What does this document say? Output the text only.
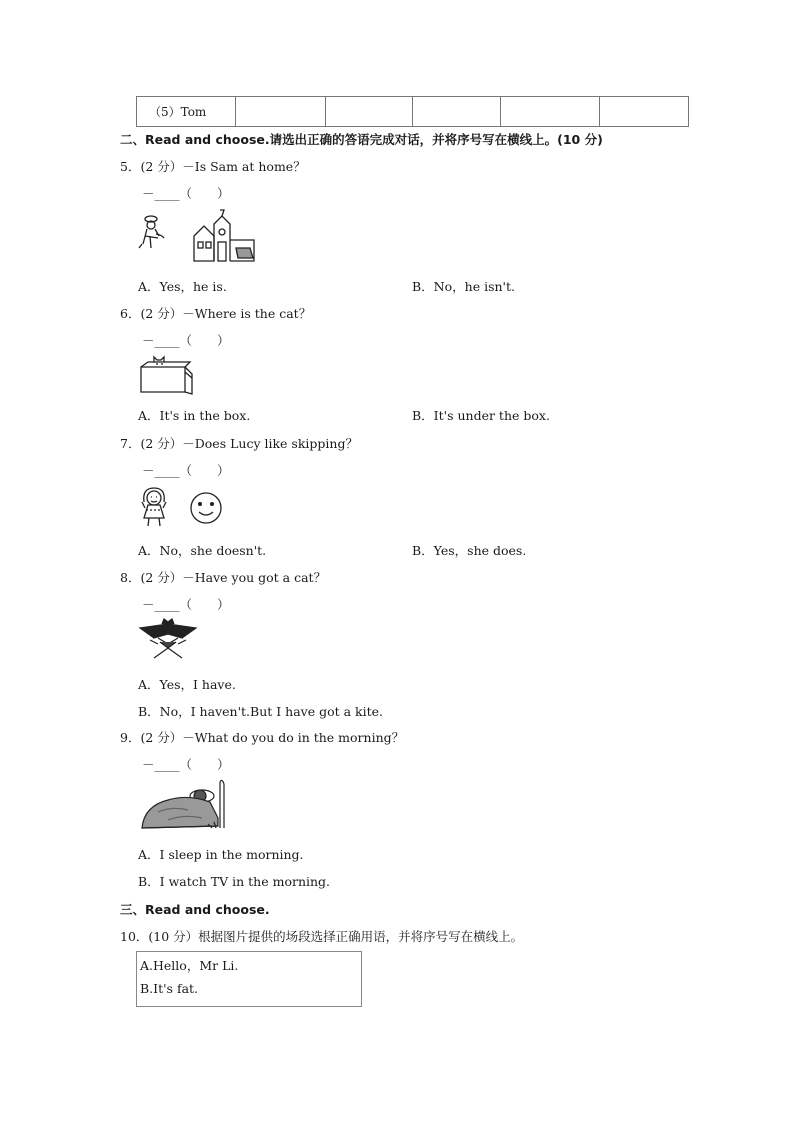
（5）Tom					
二、Read and choose.请选出正确的答语完成对话，并将序号写在横线上。(10 分)
5．(2 分）－Is Sam at home？
－____（　　）
A．Yes，he is.	B．No，he isn't.
6．(2 分）－Where is the cat？
－____（　　）
A．It's in the box.	B．It's under the box.
7．(2 分）－Does Lucy like skipping？
－____（　　）
A．No，she doesn't.	B．Yes，she does.
8．(2 分）－Have you got a cat？
－____（　　）
A．Yes，I have.
B．No，I haven't.But I have got a kite.
9．(2 分）－What do you do in the morning？
－____（　　）
A．I sleep in the morning.
B．I watch TV in the morning.
三、Read and choose.
10．(10 分）根据图片提供的场段选择正确用语，并将序号写在横线上。
A.Hello，Mr Li.
B.It's fat.
